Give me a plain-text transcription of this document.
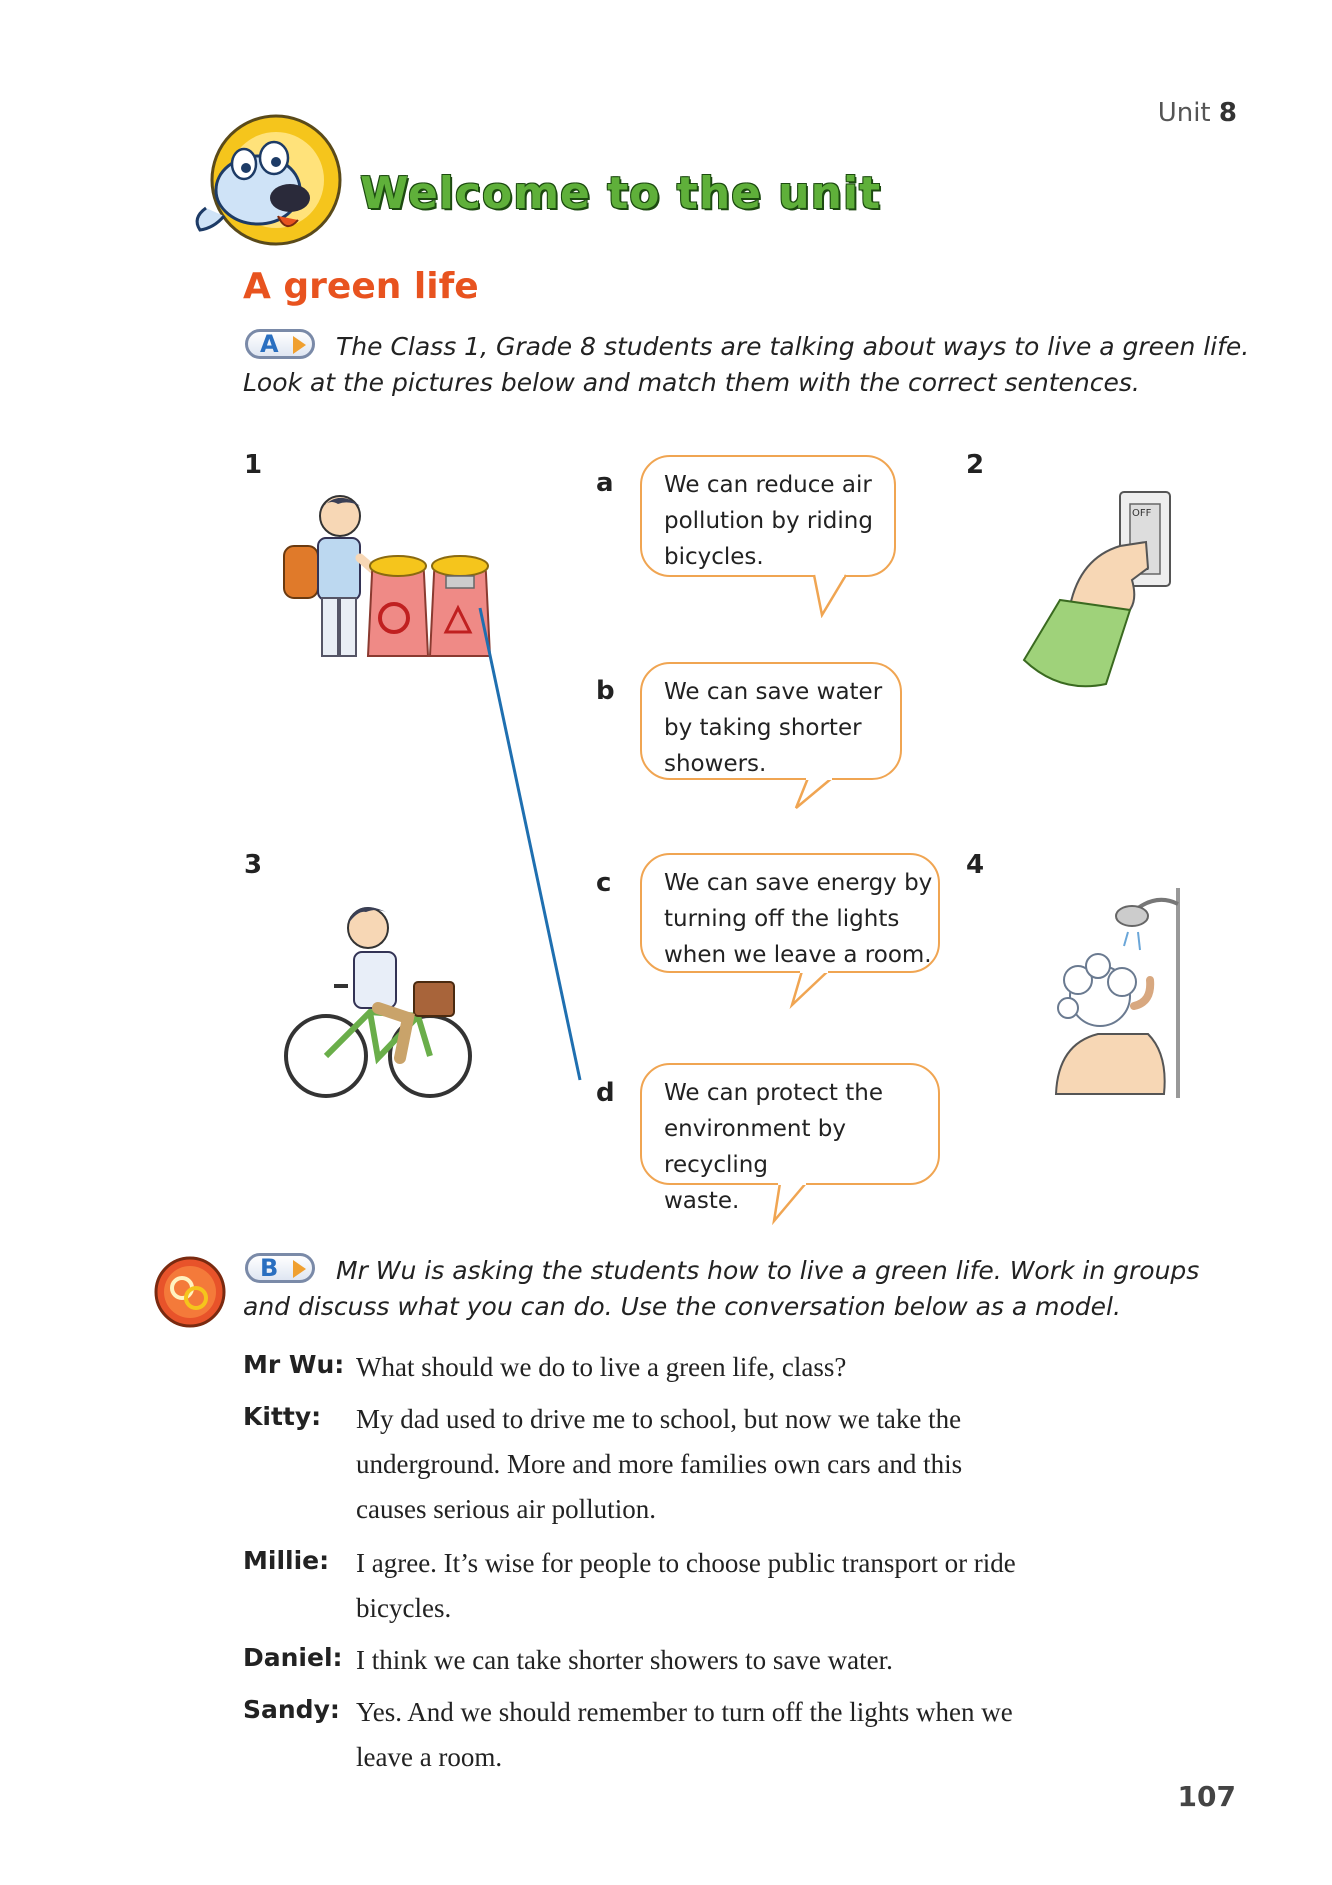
Unit 8
Welcome to the unit
A green life
A The Class 1, Grade 8 students are talking about ways to live a green life.
Look at the pictures below and match them with the correct sentences.
1	2
3	4
OFF
a
b
c
d
We can reduce air
pollution by riding
bicycles.
We can save water
by taking shorter
showers.
We can save energy by
turning off the lights
when we leave a room.
We can protect the
environment by recycling
waste.
B Mr Wu is asking the students how to live a green life. Work in groups
and discuss what you can do. Use the conversation below as a model.
Mr Wu: What should we do to live a green life, class?
Kitty: My dad used to drive me to school, but now we take the
underground. More and more families own cars and this
causes serious air pollution.
Millie: I agree. It’s wise for people to choose public transport or ride
bicycles.
Daniel: I think we can take shorter showers to save water.
Sandy: Yes. And we should remember to turn off the lights when we
leave a room.
107
